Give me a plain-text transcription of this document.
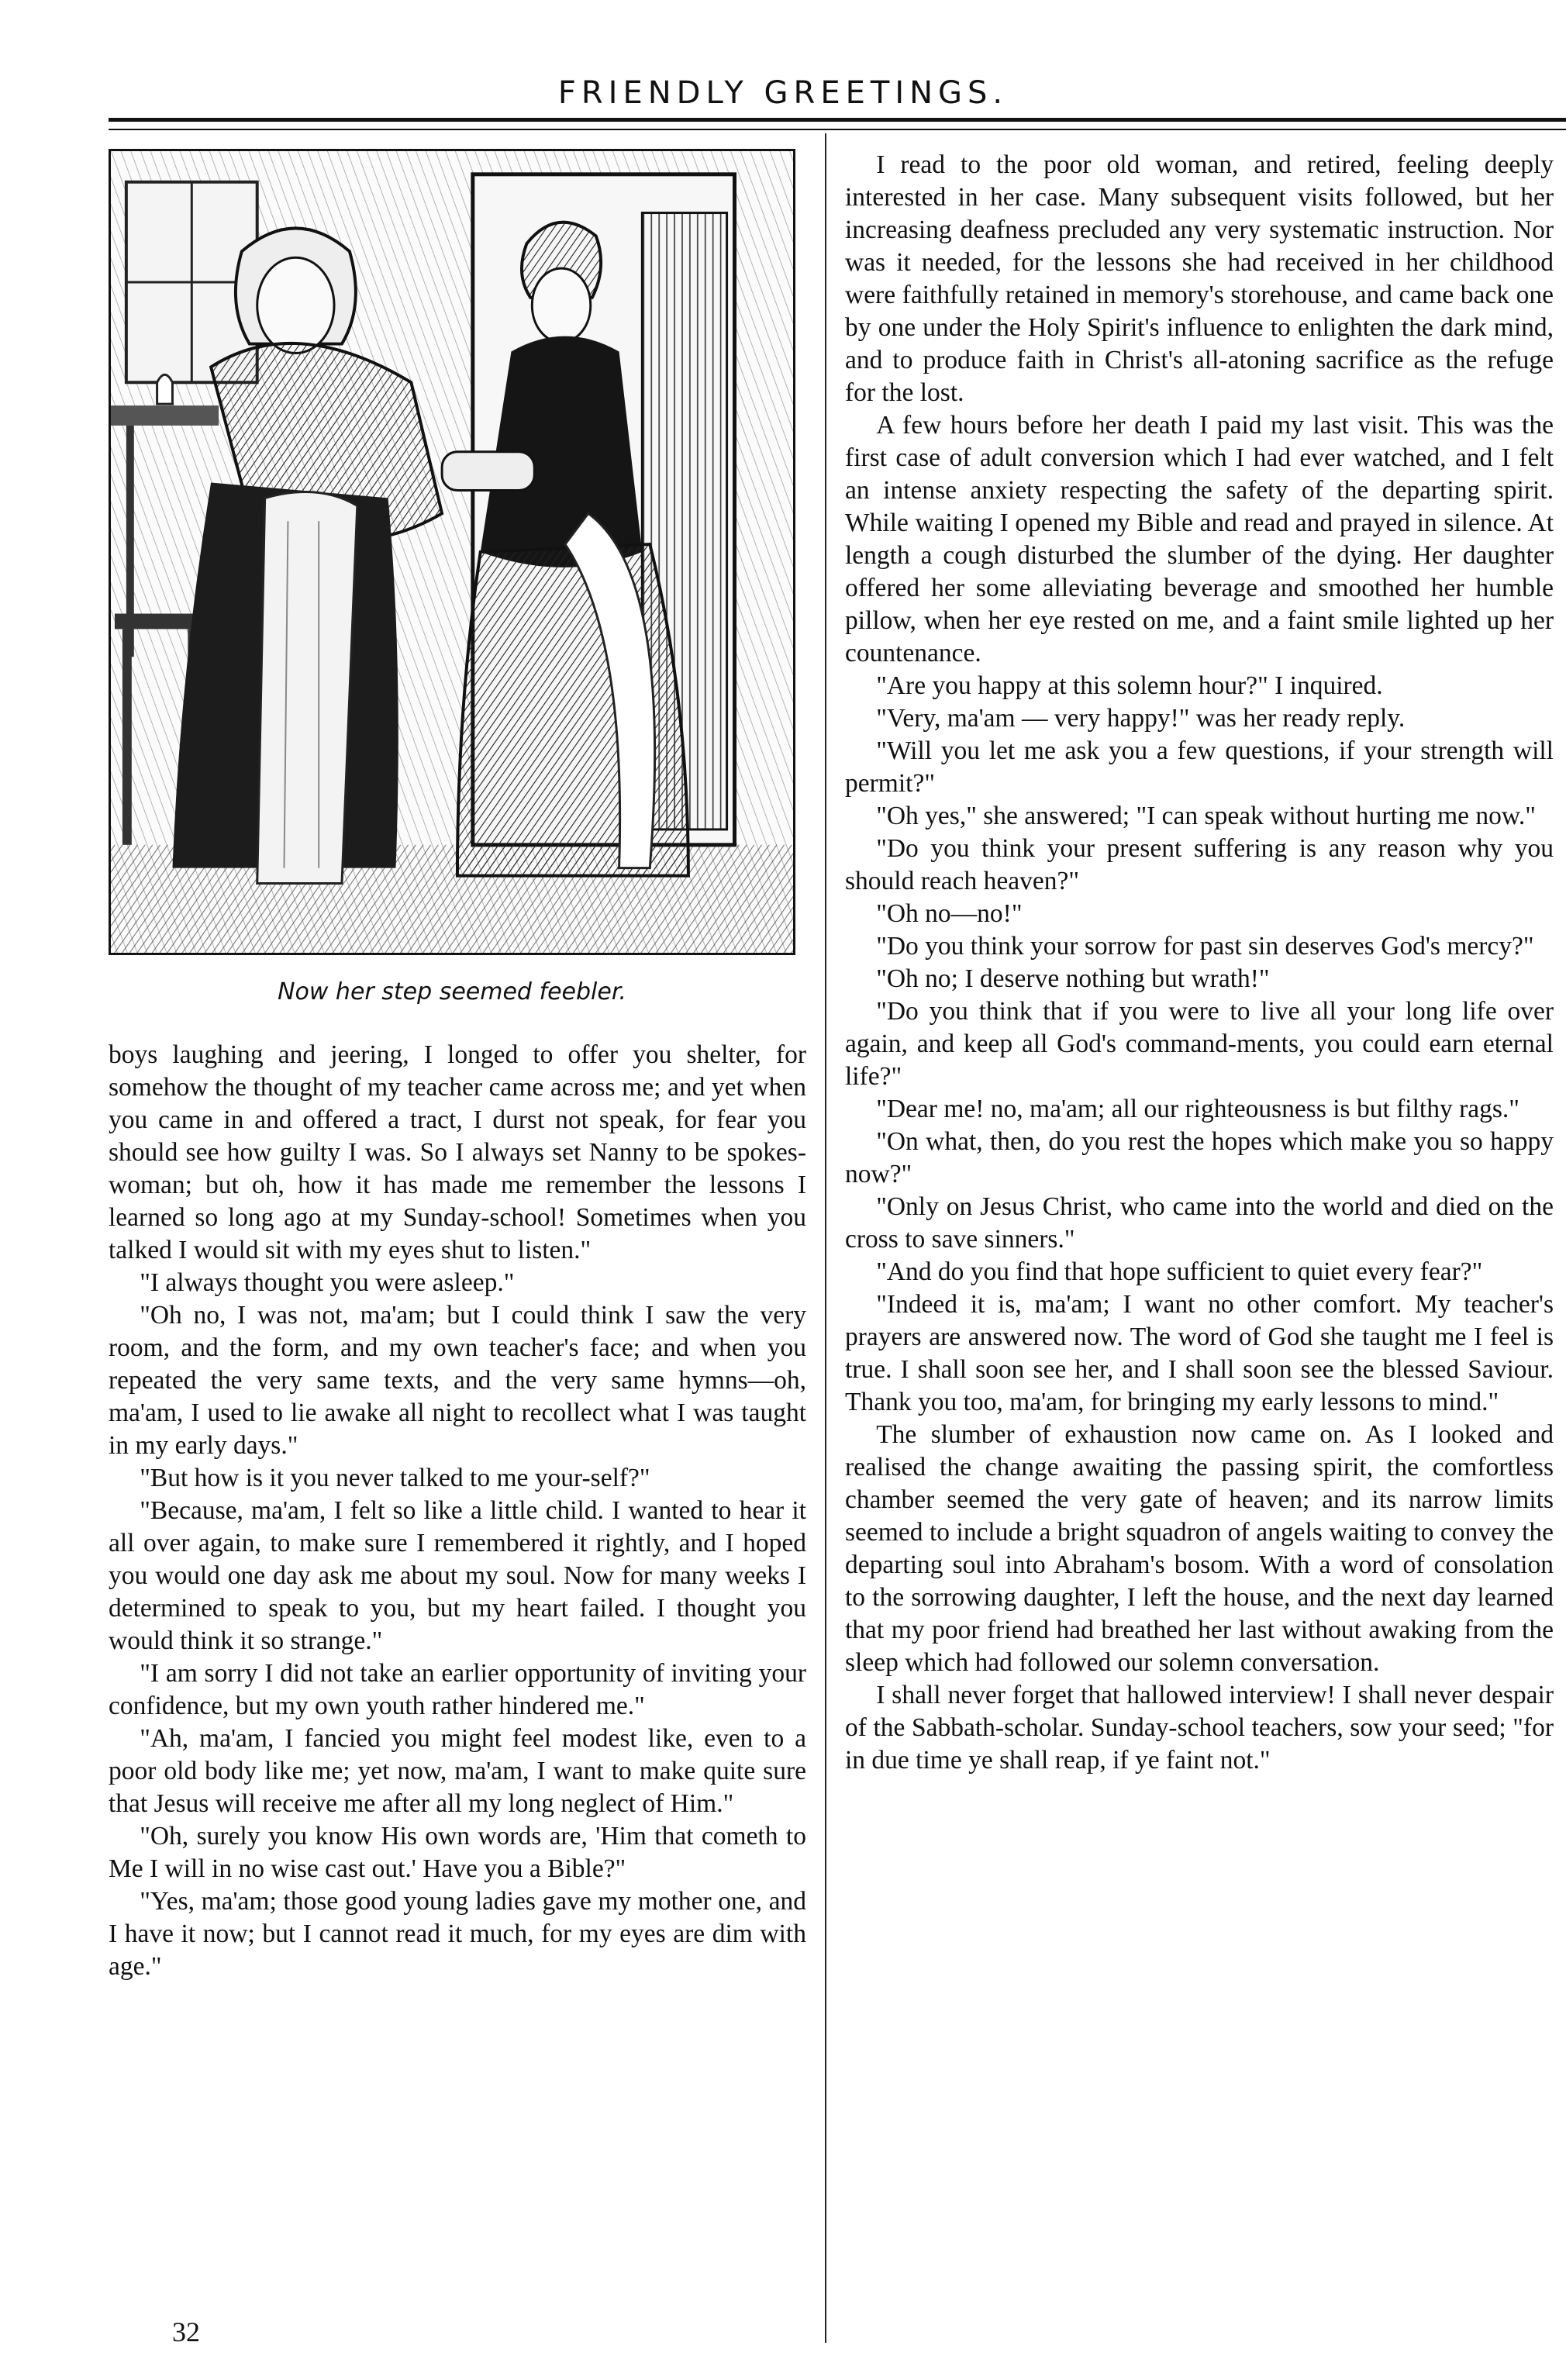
FRIENDLY GREETINGS.
Now her step seemed feebler.

boys laughing and jeering, I longed to offer you shelter, for somehow the thought of my teacher came across me; and yet when you came in and offered a tract, I durst not speak, for fear you should see how guilty I was. So I always set Nanny to be spokes-woman; but oh, how it has made me remember the lessons I learned so long ago at my Sunday-school! Sometimes when you talked I would sit with my eyes shut to listen."

"I always thought you were asleep."

"Oh no, I was not, ma'am; but I could think I saw the very room, and the form, and my own teacher's face; and when you repeated the very same texts, and the very same hymns—oh, ma'am, I used to lie awake all night to recollect what I was taught in my early days."

"But how is it you never talked to me your-self?"

"Because, ma'am, I felt so like a little child. I wanted to hear it all over again, to make sure I remembered it rightly, and I hoped you would one day ask me about my soul. Now for many weeks I determined to speak to you, but my heart failed. I thought you would think it so strange."

"I am sorry I did not take an earlier opportunity of inviting your confidence, but my own youth rather hindered me."

"Ah, ma'am, I fancied you might feel modest like, even to a poor old body like me; yet now, ma'am, I want to make quite sure that Jesus will receive me after all my long neglect of Him."

"Oh, surely you know His own words are, 'Him that cometh to Me I will in no wise cast out.' Have you a Bible?"

"Yes, ma'am; those good young ladies gave my mother one, and I have it now; but I cannot read it much, for my eyes are dim with age."

I read to the poor old woman, and retired, feeling deeply interested in her case. Many subsequent visits followed, but her increasing deafness precluded any very systematic instruction. Nor was it needed, for the lessons she had received in her childhood were faithfully retained in memory's storehouse, and came back one by one under the Holy Spirit's influence to enlighten the dark mind, and to produce faith in Christ's all-atoning sacrifice as the refuge for the lost.

A few hours before her death I paid my last visit. This was the first case of adult conversion which I had ever watched, and I felt an intense anxiety respecting the safety of the departing spirit. While waiting I opened my Bible and read and prayed in silence. At length a cough disturbed the slumber of the dying. Her daughter offered her some alleviating beverage and smoothed her humble pillow, when her eye rested on me, and a faint smile lighted up her countenance.

"Are you happy at this solemn hour?" I inquired.

"Very, ma'am — very happy!" was her ready reply.

"Will you let me ask you a few questions, if your strength will permit?"

"Oh yes," she answered; "I can speak without hurting me now."

"Do you think your present suffering is any reason why you should reach heaven?"

"Oh no—no!"

"Do you think your sorrow for past sin deserves God's mercy?"

"Oh no; I deserve nothing but wrath!"

"Do you think that if you were to live all your long life over again, and keep all God's command-ments, you could earn eternal life?"

"Dear me! no, ma'am; all our righteousness is but filthy rags."

"On what, then, do you rest the hopes which make you so happy now?"

"Only on Jesus Christ, who came into the world and died on the cross to save sinners."

"And do you find that hope sufficient to quiet every fear?"

"Indeed it is, ma'am; I want no other comfort. My teacher's prayers are answered now. The word of God she taught me I feel is true. I shall soon see her, and I shall soon see the blessed Saviour. Thank you too, ma'am, for bringing my early lessons to mind."

The slumber of exhaustion now came on. As I looked and realised the change awaiting the passing spirit, the comfortless chamber seemed the very gate of heaven; and its narrow limits seemed to include a bright squadron of angels waiting to convey the departing soul into Abraham's bosom. With a word of consolation to the sorrowing daughter, I left the house, and the next day learned that my poor friend had breathed her last without awaking from the sleep which had followed our solemn conversation.

I shall never forget that hallowed interview! I shall never despair of the Sabbath-scholar. Sunday-school teachers, sow your seed; "for in due time ye shall reap, if ye faint not."

32
